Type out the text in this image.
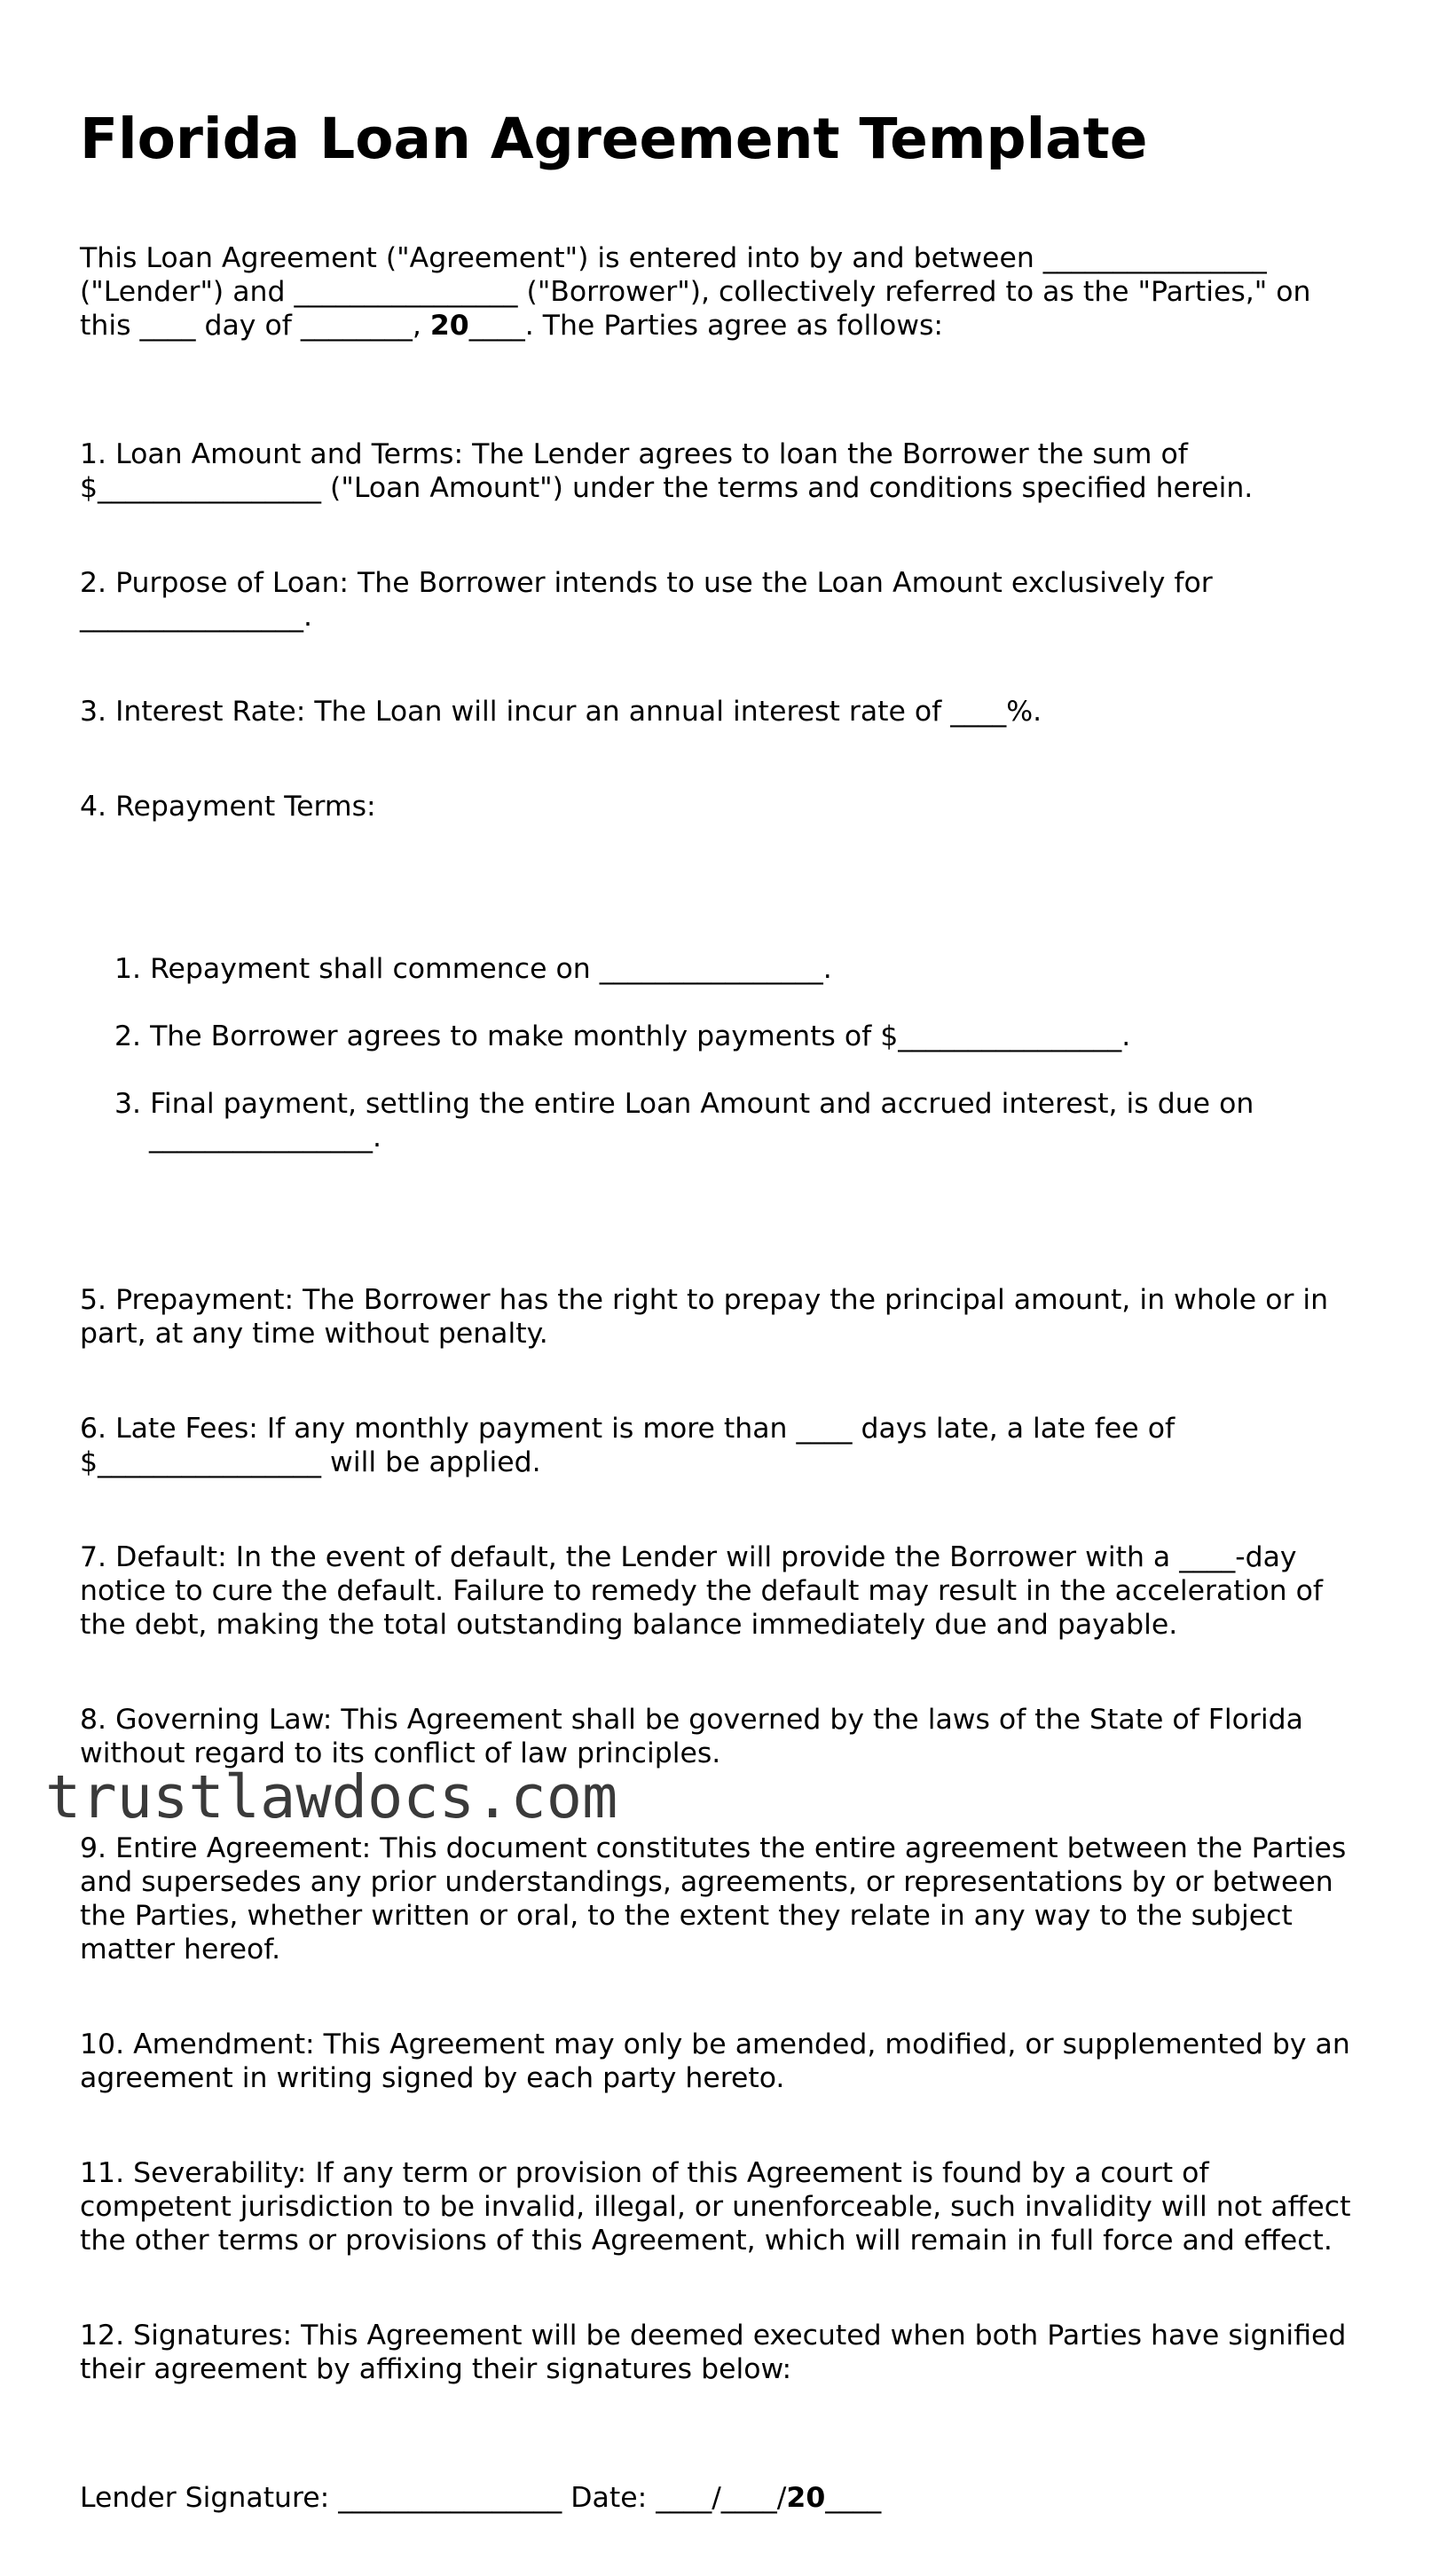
Florida Loan Agreement Template

This Loan Agreement ("Agreement") is entered into by and between ________________
("Lender") and ________________ ("Borrower"), collectively referred to as the "Parties," on
this ____ day of ________, 20____. The Parties agree as follows:

1. Loan Amount and Terms: The Lender agrees to loan the Borrower the sum of
$________________ ("Loan Amount") under the terms and conditions specified herein.

2. Purpose of Loan: The Borrower intends to use the Loan Amount exclusively for
________________.

3. Interest Rate: The Loan will incur an annual interest rate of ____%.

4. Repayment Terms:

1. Repayment shall commence on ________________.

2. The Borrower agrees to make monthly payments of $________________.

3. Final payment, settling the entire Loan Amount and accrued interest, is due on
________________.

5. Prepayment: The Borrower has the right to prepay the principal amount, in whole or in
part, at any time without penalty.

6. Late Fees: If any monthly payment is more than ____ days late, a late fee of
$________________ will be applied.

7. Default: In the event of default, the Lender will provide the Borrower with a ____-day
notice to cure the default. Failure to remedy the default may result in the acceleration of
the debt, making the total outstanding balance immediately due and payable.

8. Governing Law: This Agreement shall be governed by the laws of the State of Florida
without regard to its conflict of law principles.

9. Entire Agreement: This document constitutes the entire agreement between the Parties
and supersedes any prior understandings, agreements, or representations by or between
the Parties, whether written or oral, to the extent they relate in any way to the subject
matter hereof.

10. Amendment: This Agreement may only be amended, modified, or supplemented by an
agreement in writing signed by each party hereto.

11. Severability: If any term or provision of this Agreement is found by a court of
competent jurisdiction to be invalid, illegal, or unenforceable, such invalidity will not affect
the other terms or provisions of this Agreement, which will remain in full force and effect.

12. Signatures: This Agreement will be deemed executed when both Parties have signified
their agreement by affixing their signatures below:

Lender Signature: ________________ Date: ____/____/20____

trustlawdocs.com
